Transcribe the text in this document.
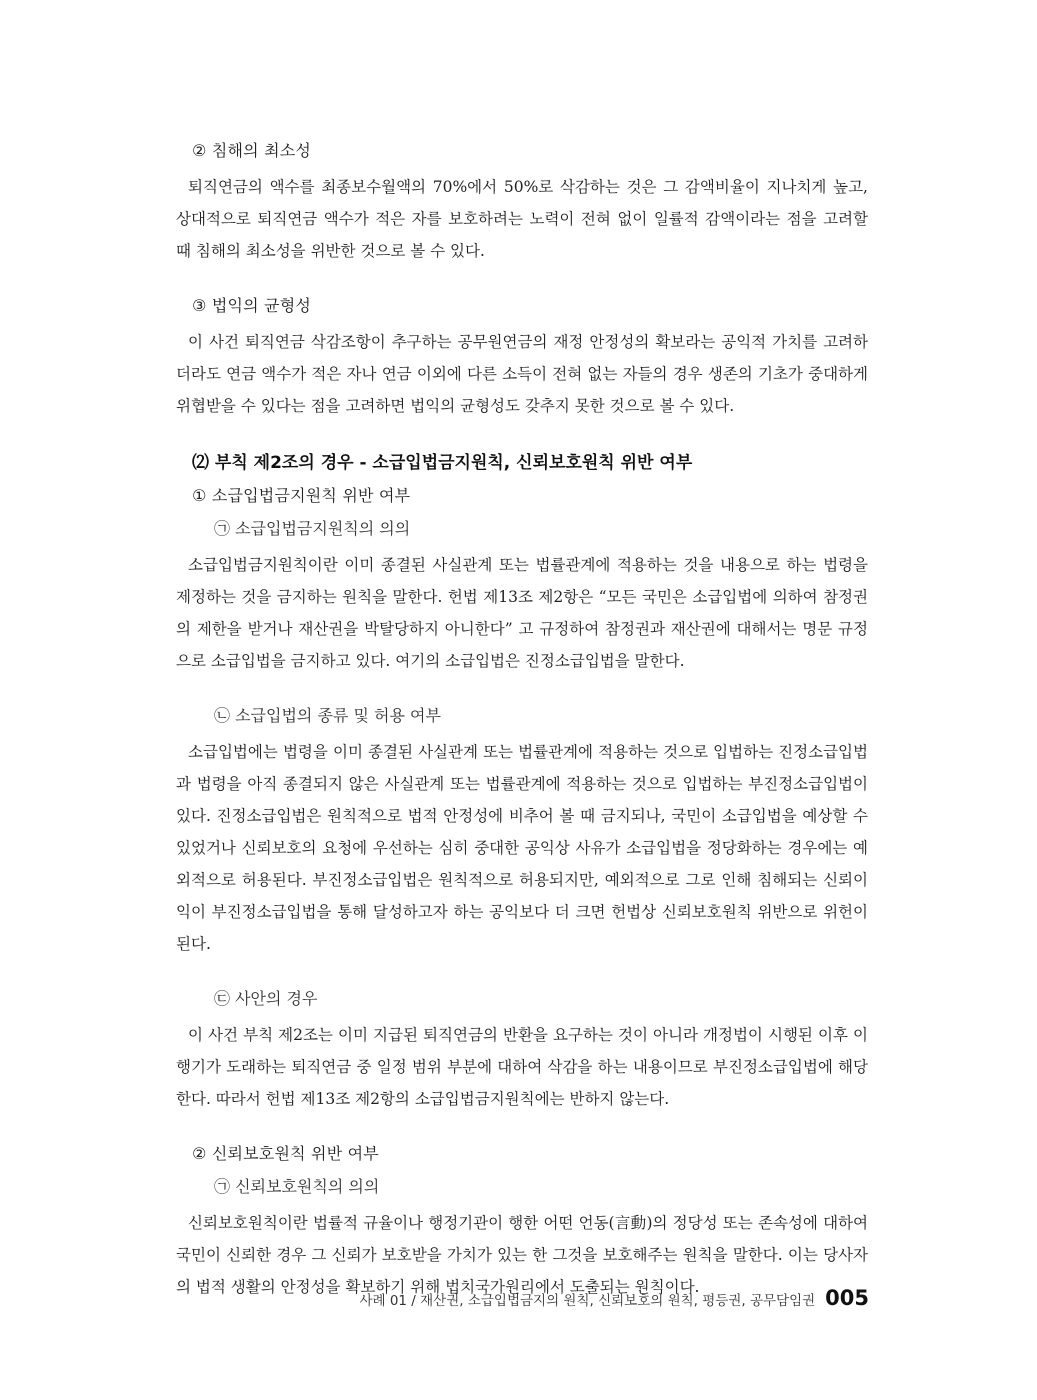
② 침해의 최소성

퇴직연금의 액수를 최종보수월액의 70%에서 50%로 삭감하는 것은 그 감액비율이 지나치게 높고, 상대적으로 퇴직연금 액수가 적은 자를 보호하려는 노력이 전혀 없이 일률적 감액이라는 점을 고려할 때 침해의 최소성을 위반한 것으로 볼 수 있다.

③ 법익의 균형성

이 사건 퇴직연금 삭감조항이 추구하는 공무원연금의 재정 안정성의 확보라는 공익적 가치를 고려하더라도 연금 액수가 적은 자나 연금 이외에 다른 소득이 전혀 없는 자들의 경우 생존의 기초가 중대하게 위협받을 수 있다는 점을 고려하면 법익의 균형성도 갖추지 못한 것으로 볼 수 있다.

⑵ 부칙 제2조의 경우 - 소급입법금지원칙, 신뢰보호원칙 위반 여부
① 소급입법금지원칙 위반 여부
㉠ 소급입법금지원칙의 의의

소급입법금지원칙이란 이미 종결된 사실관계 또는 법률관계에 적용하는 것을 내용으로 하는 법령을 제정하는 것을 금지하는 원칙을 말한다. 헌법 제13조 제2항은 “모든 국민은 소급입법에 의하여 참정권의 제한을 받거나 재산권을 박탈당하지 아니한다” 고 규정하여 참정권과 재산권에 대해서는 명문 규정으로 소급입법을 금지하고 있다. 여기의 소급입법은 진정소급입법을 말한다.

㉡ 소급입법의 종류 및 허용 여부

소급입법에는 법령을 이미 종결된 사실관계 또는 법률관계에 적용하는 것으로 입법하는 진정소급입법과 법령을 아직 종결되지 않은 사실관계 또는 법률관계에 적용하는 것으로 입법하는 부진정소급입법이 있다. 진정소급입법은 원칙적으로 법적 안정성에 비추어 볼 때 금지되나, 국민이 소급입법을 예상할 수 있었거나 신뢰보호의 요청에 우선하는 심히 중대한 공익상 사유가 소급입법을 정당화하는 경우에는 예외적으로 허용된다. 부진정소급입법은 원칙적으로 허용되지만, 예외적으로 그로 인해 침해되는 신뢰이익이 부진정소급입법을 통해 달성하고자 하는 공익보다 더 크면 헌법상 신뢰보호원칙 위반으로 위헌이 된다.

㉢ 사안의 경우

이 사건 부칙 제2조는 이미 지급된 퇴직연금의 반환을 요구하는 것이 아니라 개정법이 시행된 이후 이행기가 도래하는 퇴직연금 중 일정 범위 부분에 대하여 삭감을 하는 내용이므로 부진정소급입법에 해당한다. 따라서 헌법 제13조 제2항의 소급입법금지원칙에는 반하지 않는다.

② 신뢰보호원칙 위반 여부
㉠ 신뢰보호원칙의 의의

신뢰보호원칙이란 법률적 규율이나 행정기관이 행한 어떤 언동(言動)의 정당성 또는 존속성에 대하여 국민이 신뢰한 경우 그 신뢰가 보호받을 가치가 있는 한 그것을 보호해주는 원칙을 말한다. 이는 당사자의 법적 생활의 안정성을 확보하기 위해 법치국가원리에서 도출되는 원칙이다.

사례 01 / 재산권, 소급입법금지의 원칙, 신뢰보호의 원칙, 평등권, 공무담임권 005
